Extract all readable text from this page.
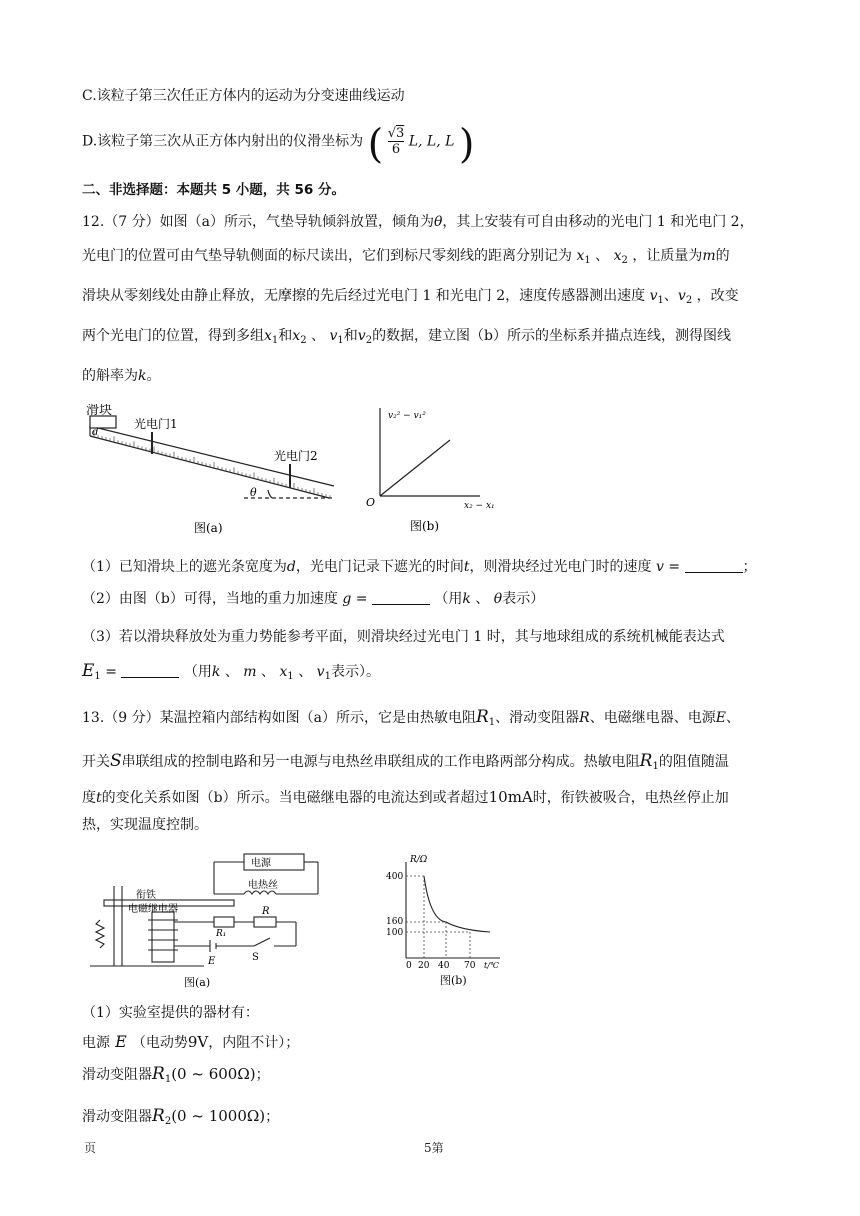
C.该粒子第三次任正方体内的运动为分变速曲线运动
D.该粒子第三次从正方体内射出的仪滑坐标为 ( $\frac{√3}{6} L$, L, L )
二、非选择题：本题共 5 小题，共 56 分。
12.（7 分）如图（a）所示，气垫导轨倾斜放置，倾角为θ，其上安装有可自由移动的光电门 1 和光电门 2，
光电门的位置可由气垫导轨侧面的标尺读出，它们到标尺零刻线的距离分别记为 $x_1$ 、 $x_2$ ，让质量为m的
滑块从零刻线处由静止释放，无摩擦的先后经过光电门 1 和光电门 2，速度传感器测出速度 $v_1$、$v_2$ ，改变
两个光电门的位置，得到多组$x_1$和$x_2$ 、 $v_1$和$v_2$的数据，建立图（b）所示的坐标系并描点连线，测得图线
的斛率为k。
滑块
光电门1
光电门2
d
θ
图(a)
v₂² − v₁²
x₂ − x₁
O
图(b)
（1）已知滑块上的遮光条宽度为d，光电门记录下遮光的时间t，则滑块经过光电门时的速度 v =	；
（2）由图（b）可得，当地的重力加速度 g =	（用k 、 θ表示）
（3）若以滑块释放处为重力势能参考平面，则滑块经过光电门 1 时，其与地球组成的系统机械能表达式
$E_1$ =	（用k 、 m 、 $x_1$ 、 $v_1$表示）。
13.（9 分）某温控箱内部结构如图（a）所示，它是由热敏电阻$R_1$、滑动变阻器R、电磁继电器、电源E、
开关S串联组成的控制电路和另一电源与电热丝串联组成的工作电路两部分构成。热敏电阻$R_1$的阻值随温
度t的变化关系如图（b）所示。当电磁继电器的电流达到或者超过10mA时，衔铁被吸合，电热丝停止加
热，实现温度控制。
电源
衔铁
电热丝
电磁继电器
R₁
R
E	S
图(a)
R/Ω
t/℃
400
160
100
0 20 40 70
图(b)
（1）实验室提供的器材有：
电源 E （电动势9V，内阻不计）；
滑动变阻器$R_1(0$ ~ 600Ω)；
滑动变阻器$R_2(0$ ~ 1000Ω)；
页	5第
